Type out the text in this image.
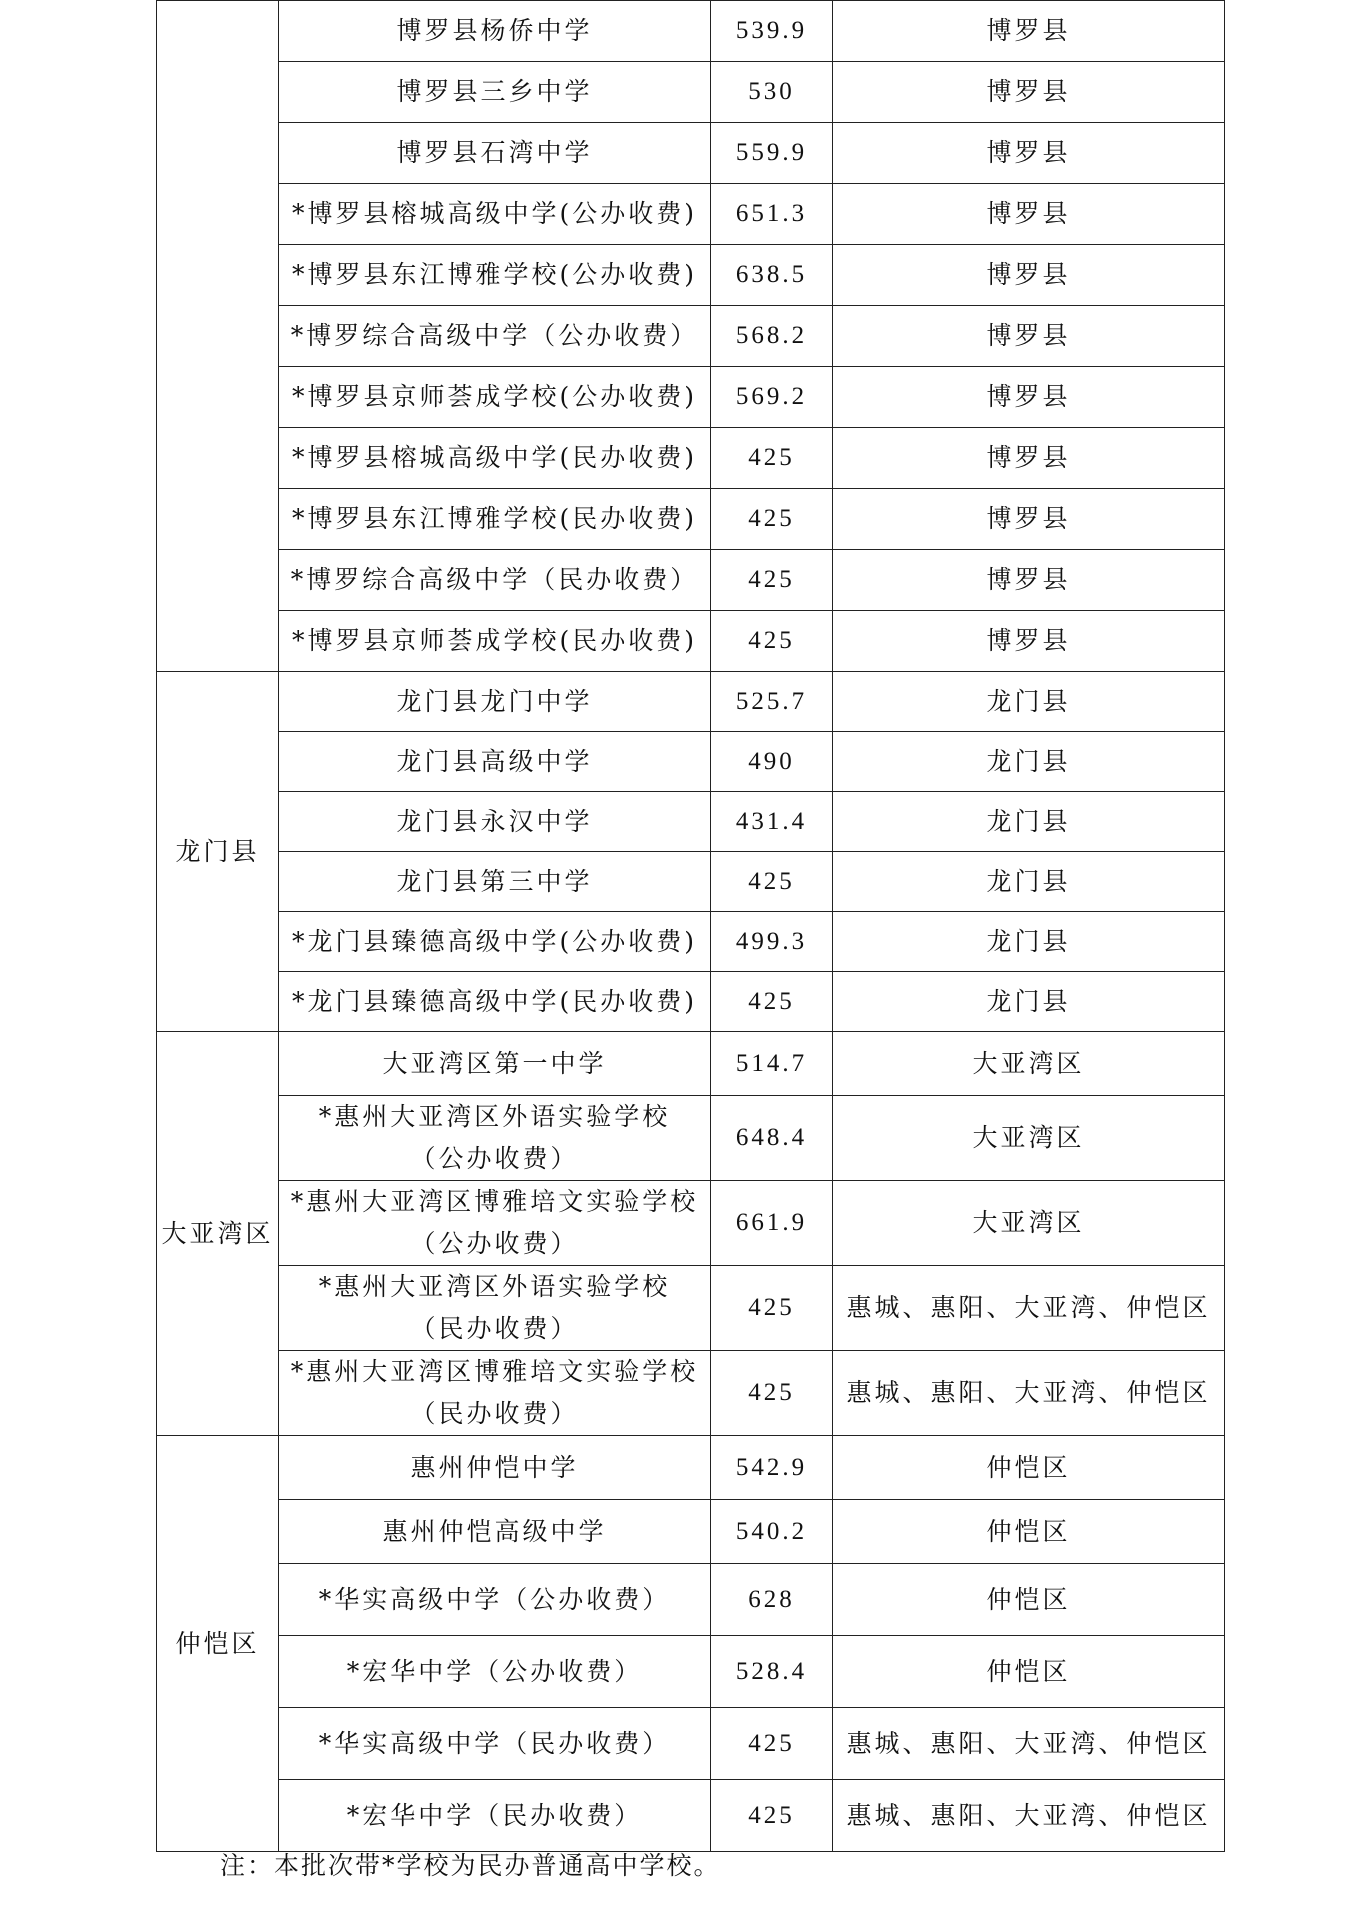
	博罗县杨侨中学	539.9	博罗县

	博罗县三乡中学	530	博罗县

	博罗县石湾中学	559.9	博罗县

	*博罗县榕城高级中学(公办收费)	651.3	博罗县

	*博罗县东江博雅学校(公办收费)	638.5	博罗县

	*博罗综合高级中学（公办收费）	568.2	博罗县

	*博罗县京师荟成学校(公办收费)	569.2	博罗县

	*博罗县榕城高级中学(民办收费)	425	博罗县

	*博罗县东江博雅学校(民办收费)	425	博罗县

	*博罗综合高级中学（民办收费）	425	博罗县

	*博罗县京师荟成学校(民办收费)	425	博罗县
龙门县	龙门县龙门中学	525.7	龙门县

	龙门县高级中学	490	龙门县

	龙门县永汉中学	431.4	龙门县

	龙门县第三中学	425	龙门县

	*龙门县臻德高级中学(公办收费)	499.3	龙门县

	*龙门县臻德高级中学(民办收费)	425	龙门县
大亚湾区	大亚湾区第一中学	514.7	大亚湾区

	*惠州大亚湾区外语实验学校
（公办收费）	648.4	大亚湾区

	*惠州大亚湾区博雅培文实验学校
（公办收费）	661.9	大亚湾区

	*惠州大亚湾区外语实验学校
（民办收费）	425	惠城、惠阳、大亚湾、仲恺区

	*惠州大亚湾区博雅培文实验学校
（民办收费）	425	惠城、惠阳、大亚湾、仲恺区
仲恺区	惠州仲恺中学	542.9	仲恺区

	惠州仲恺高级中学	540.2	仲恺区

	*华实高级中学（公办收费）	628	仲恺区

	*宏华中学（公办收费）	528.4	仲恺区

	*华实高级中学（民办收费）	425	惠城、惠阳、大亚湾、仲恺区

	*宏华中学（民办收费）	425	惠城、惠阳、大亚湾、仲恺区
注：本批次带*学校为民办普通高中学校。
